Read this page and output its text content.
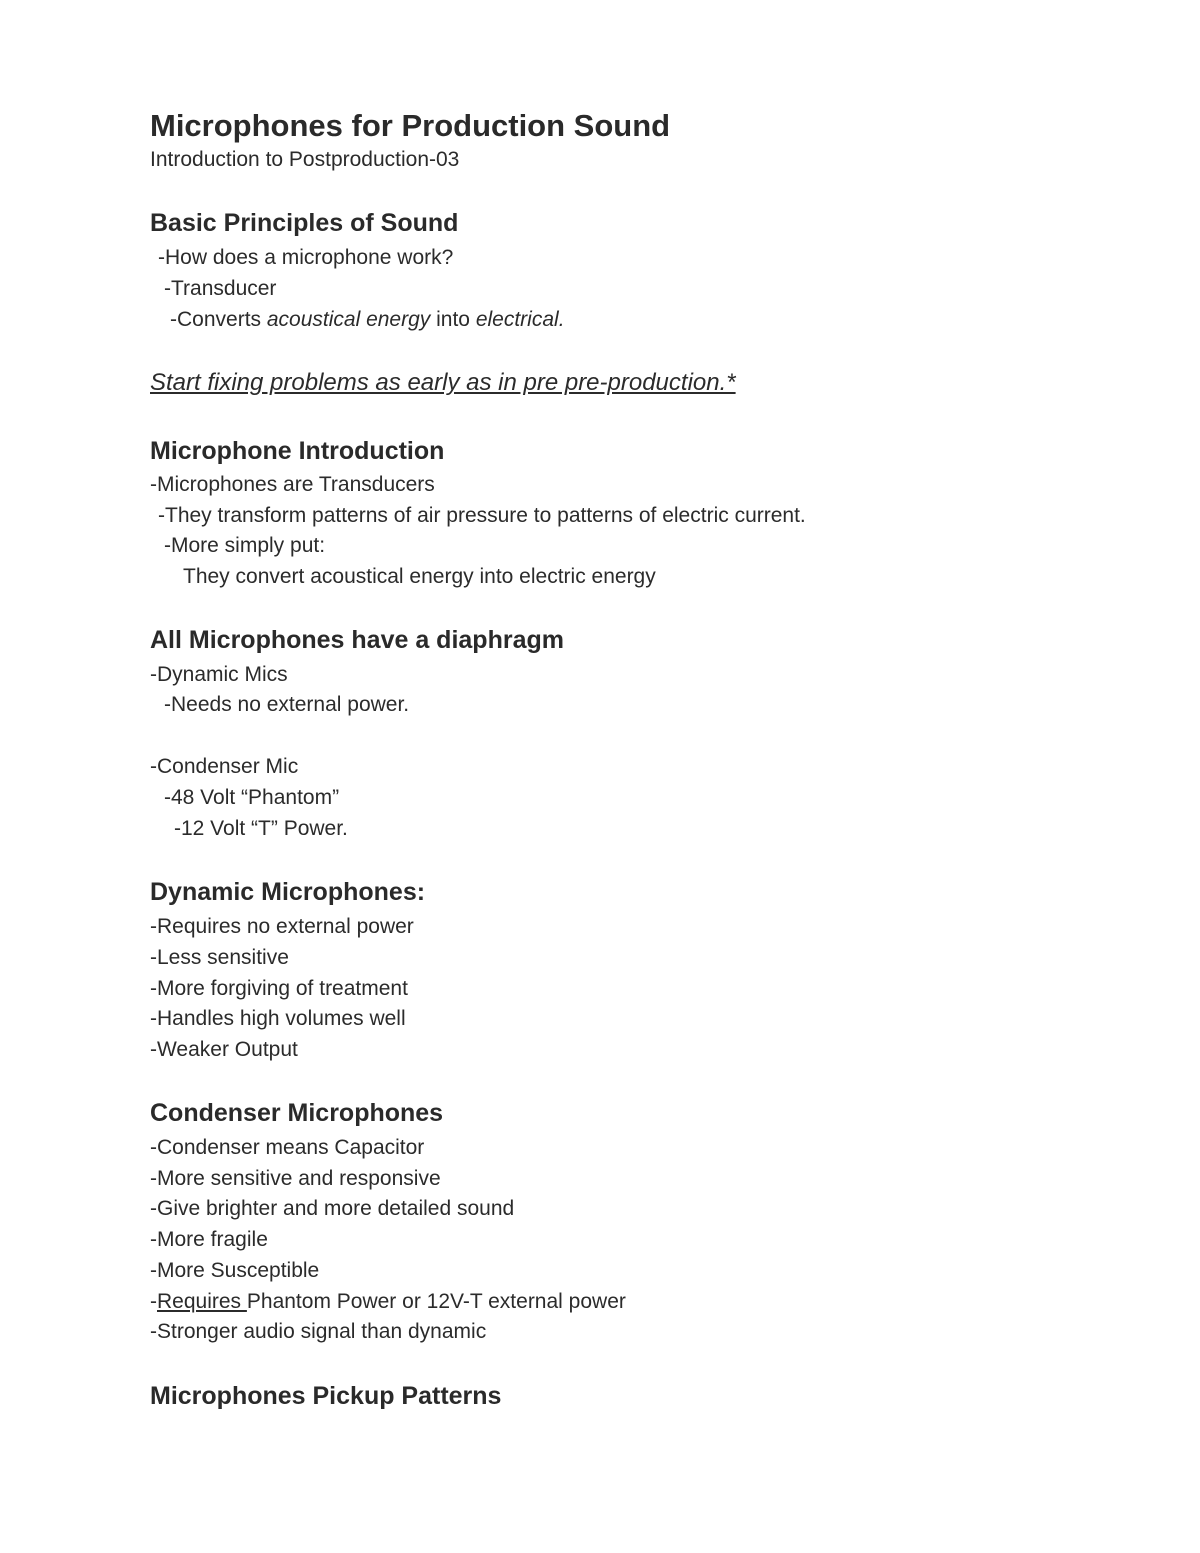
Microphones for Production Sound
Introduction to Postproduction-03
Basic Principles of Sound
-How does a microphone work?
-Transducer
-Converts acoustical energy into electrical.
Start fixing problems as early as in pre pre-production.*
Microphone Introduction
-Microphones are Transducers
-They transform patterns of air pressure to patterns of electric current.
-More simply put:
They convert acoustical energy into electric energy
All Microphones have a diaphragm
-Dynamic Mics
-Needs no external power.
-Condenser Mic
-48 Volt “Phantom”
-12 Volt “T” Power.
Dynamic Microphones:
-Requires no external power
-Less sensitive
-More forgiving of treatment
-Handles high volumes well
-Weaker Output
Condenser Microphones
-Condenser means Capacitor
-More sensitive and responsive
-Give brighter and more detailed sound
-More fragile
-More Susceptible
-Requires Phantom Power or 12V-T external power
-Stronger audio signal than dynamic
Microphones Pickup Patterns
